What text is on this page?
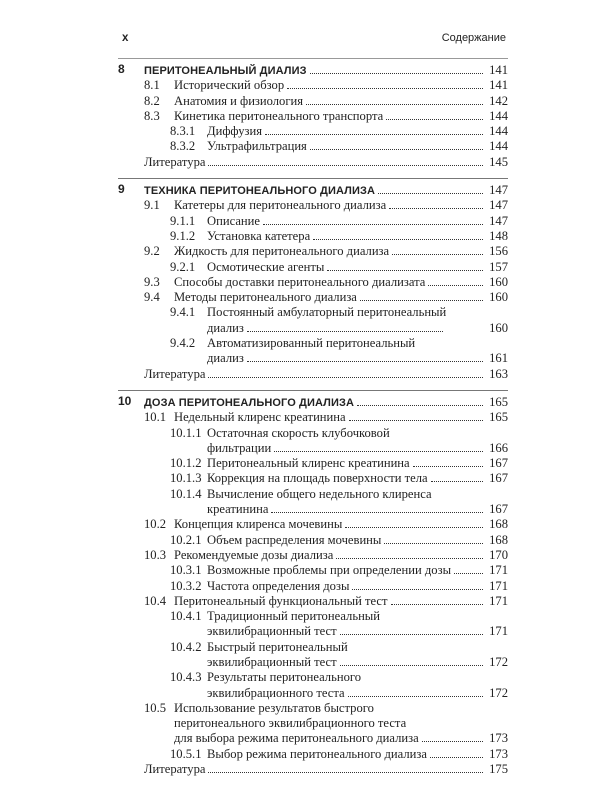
x	Содержание
8 ПЕРИТОНЕАЛЬНЫЙ ДИАЛИЗ	141
8.1	Исторический обзор	141
8.2	Анатомия и физиология	142
8.3	Кинетика перитонеального транспорта	144
8.3.1 Диффузия	144
8.3.2 Ультрафильтрация	144
Литература	145
9 ТЕХНИКА ПЕРИТОНЕАЛЬНОГО ДИАЛИЗА	147
9.1	Катетеры для перитонеального диализа	147
9.1.1 Описание	147
9.1.2 Установка катетера	148
9.2	Жидкость для перитонеального диализа	156
9.2.1 Осмотические агенты	157
9.3	Способы доставки перитонеального диализата	160
9.4	Методы перитонеального диализа	160
9.4.1 Постоянный амбулаторный перитонеальный
диализ	160
9.4.2 Автоматизированный перитонеальный
диализ	161
Литература	163
10 ДОЗА ПЕРИТОНЕАЛЬНОГО ДИАЛИЗА	165
10.1 Недельный клиренс креатинина	165
10.1.1 Остаточная скорость клубочковой
фильтрации	166
10.1.2 Перитонеальный клиренс креатинина	167
10.1.3 Коррекция на площадь поверхности тела	167
10.1.4 Вычисление общего недельного клиренса
креатинина	167
10.2 Концепция клиренса мочевины	168
10.2.1 Объем распределения мочевины	168
10.3 Рекомендуемые дозы диализа	170
10.3.1 Возможные проблемы при определении дозы	171
10.3.2 Частота определения дозы	171
10.4 Перитонеальный функциональный тест	171
10.4.1 Традиционный перитонеальный
эквилибрационный тест	171
10.4.2 Быстрый перитонеальный
эквилибрационный тест	172
10.4.3 Результаты перитонеального
эквилибрационного теста	172
10.5 Использование результатов быстрого
перитонеального эквилибрационного теста
для выбора режима перитонеального диализа	173
10.5.1 Выбор режима перитонеального диализа	173
Литература	175
